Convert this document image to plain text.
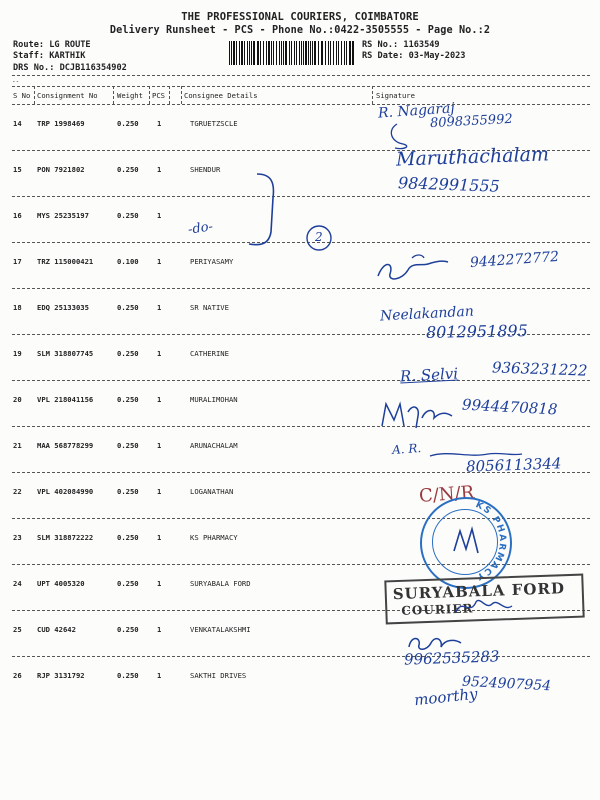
THE PROFESSIONAL COURIERS, COIMBATORE
Delivery Runsheet - PCS - Phone No.:0422-3505555 - Page No.:2
Route: LG ROUTE
Staff: KARTHIK
DRS No.: DCJB116354902
RS No.: 1163549
RS Date: 03-May-2023
--
S No Consignment No	Weight PCS	Consignee Details	Signature
14 TRP 1998469	0.250	1	TGRUETZSCLE
15 PON 7921802	0.250	1	SHENDUR
16 MYS 25235197	0.250	1
17 TRZ 115000421	0.100	1	PERIYASAMY
18 EDQ 25133035	0.250	1	SR NATIVE
19 SLM 318807745	0.250	1	CATHERINE
20 VPL 218041156	0.250	1	MURALIMOHAN
21 MAA 568778299	0.250	1	ARUNACHALAM
22 VPL 402084990	0.250	1	LOGANATHAN
23 SLM 318872222	0.250	1	KS PHARMACY
24 UPT 4005320	0.250	1	SURYABALA FORD
25 CUD 42642	0.250	1	VENKATALAKSHMI
26 RJP 3131792	0.250	1	SAKTHI DRIVES
R. Nagaraj
8098355992
Maruthachalam
9842991555
-do-	2
9442272772
Neelakandan
8012951895
R. Selvi 9363231222
9944470818
A. R.
8056113344
C/N/R KS PHARMACY
SURYABALA FORD
COURIER
9962535283
9524907954
moorthy
